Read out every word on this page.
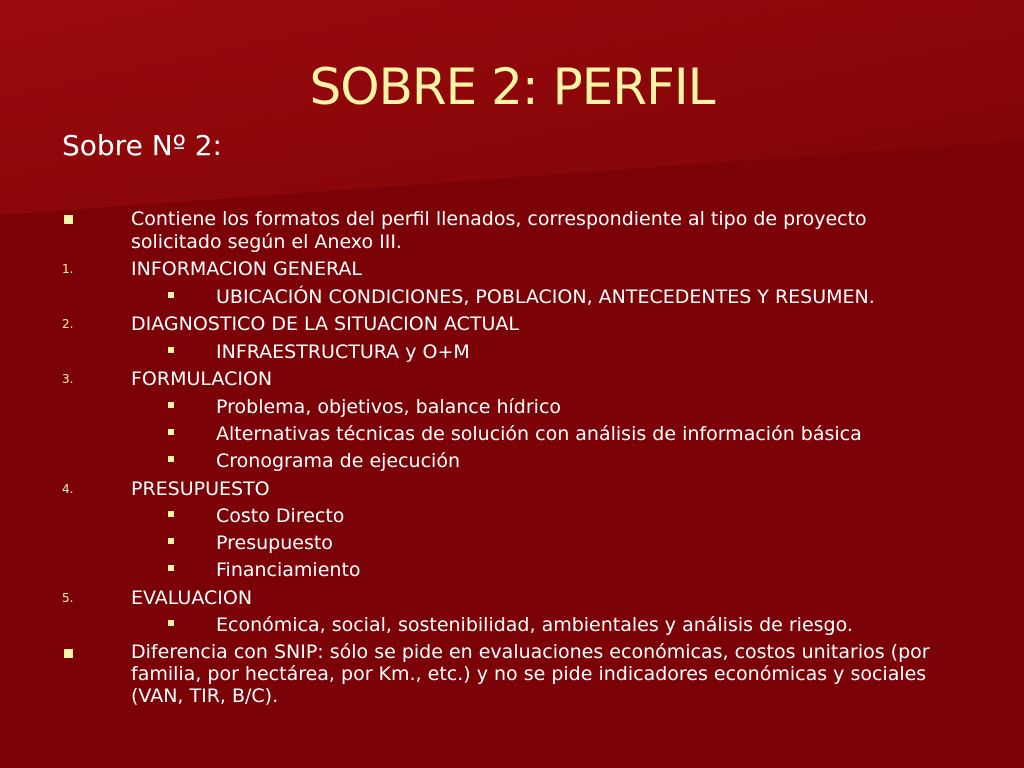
SOBRE 2: PERFIL
Sobre Nº 2:
Contiene los formatos del perfil llenados, correspondiente al tipo de proyecto
solicitado según el Anexo III.
1.	INFORMACION GENERAL
UBICACIÓN CONDICIONES, POBLACION, ANTECEDENTES Y RESUMEN.
2.	DIAGNOSTICO DE LA SITUACION ACTUAL
INFRAESTRUCTURA y O+M
3.	FORMULACION
Problema, objetivos, balance hídrico
Alternativas técnicas de solución con análisis de información básica
Cronograma de ejecución
4.	PRESUPUESTO
Costo Directo
Presupuesto
Financiamiento
5.	EVALUACION
Económica, social, sostenibilidad, ambientales y análisis de riesgo.
Diferencia con SNIP: sólo se pide en evaluaciones económicas, costos unitarios (por
familia, por hectárea, por Km., etc.) y no se pide indicadores económicas y sociales
(VAN, TIR, B/C).
